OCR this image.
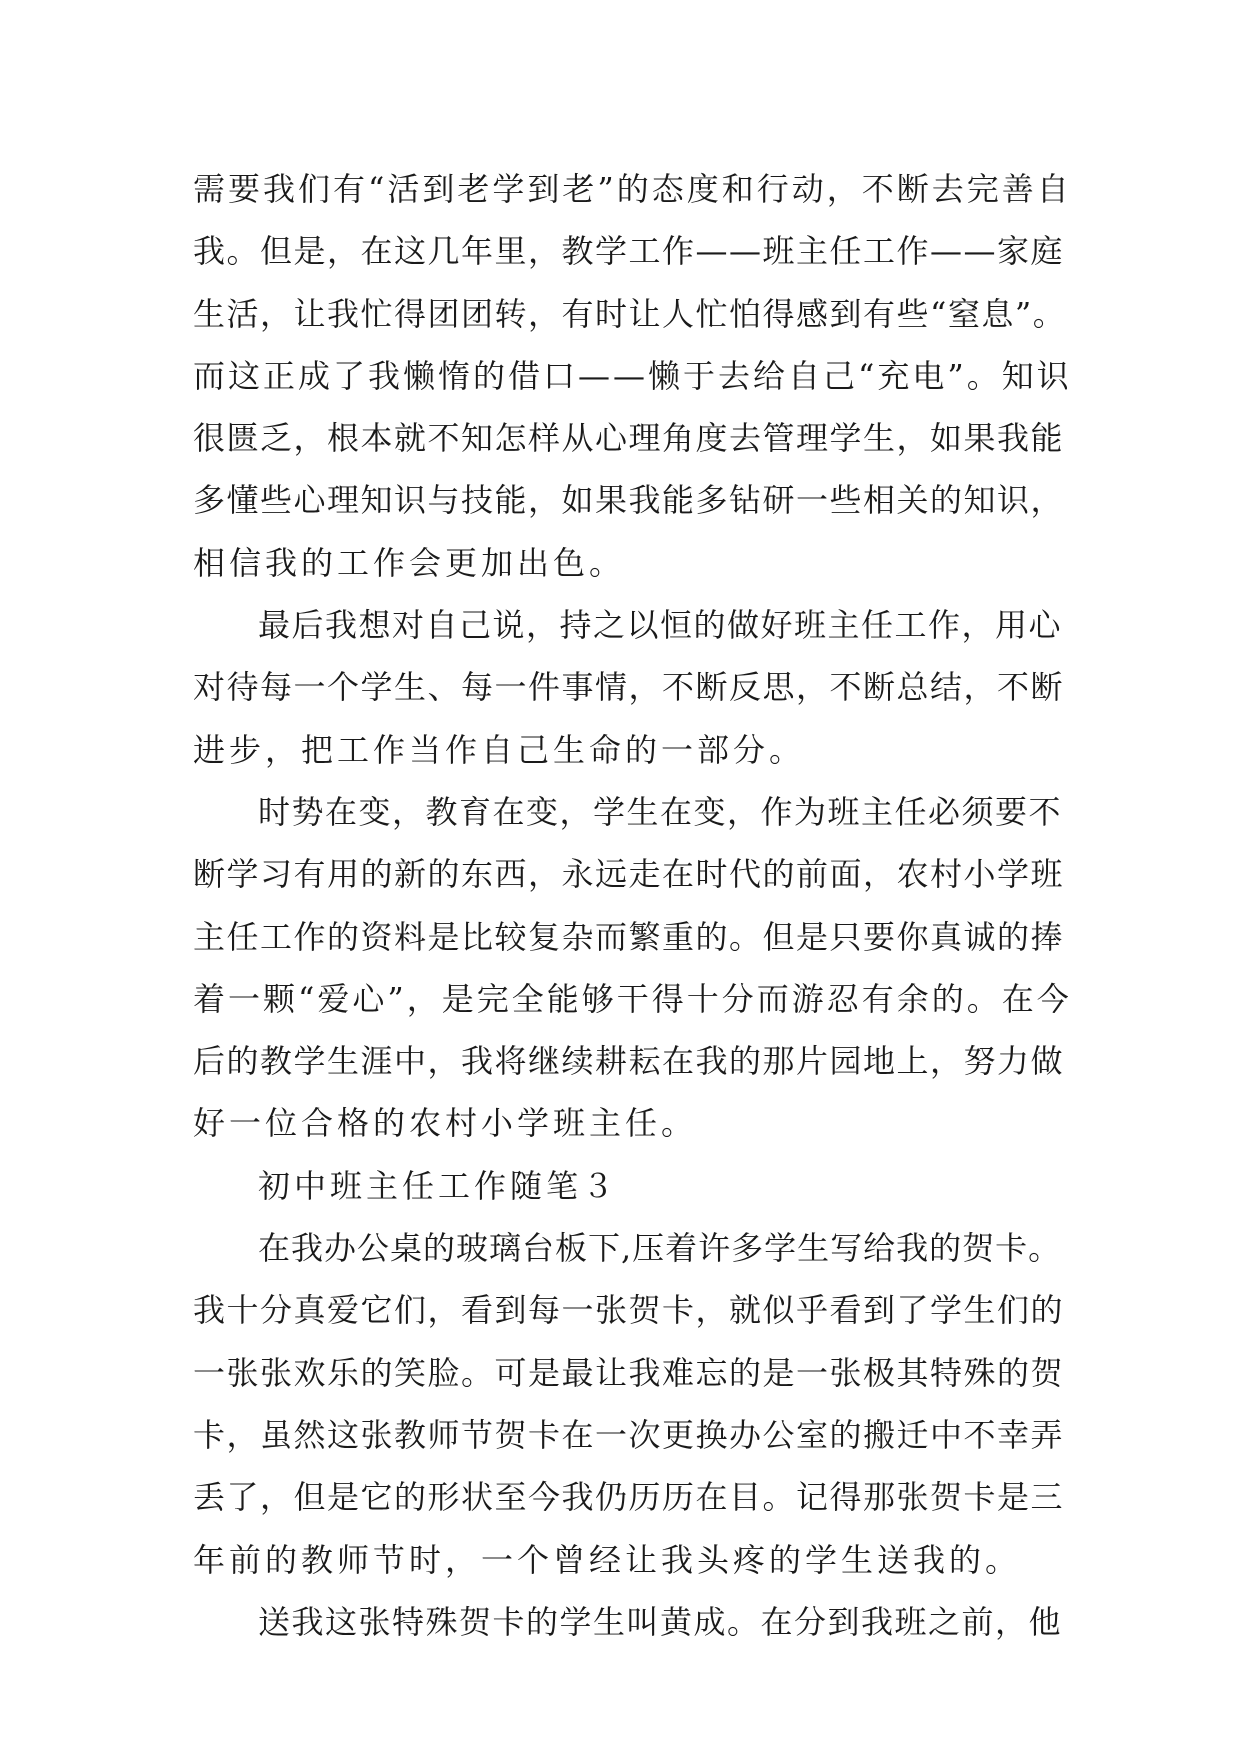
需要我们有“活到老学到老”的态度和行动，不断去完善自
我。但是，在这几年里，教学工作——班主任工作——家庭
生活，让我忙得团团转，有时让人忙怕得感到有些“窒息”。
而这正成了我懒惰的借口——懒于去给自己“充电”。知识
很匮乏，根本就不知怎样从心理角度去管理学生，如果我能
多懂些心理知识与技能，如果我能多钻研一些相关的知识，
相信我的工作会更加出色。
最后我想对自己说，持之以恒的做好班主任工作，用心
对待每一个学生、每一件事情，不断反思，不断总结，不断
进步，把工作当作自己生命的一部分。
时势在变，教育在变，学生在变，作为班主任必须要不
断学习有用的新的东西，永远走在时代的前面，农村小学班
主任工作的资料是比较复杂而繁重的。但是只要你真诚的捧
着一颗“爱心”，是完全能够干得十分而游忍有余的。在今
后的教学生涯中，我将继续耕耘在我的那片园地上，努力做
好一位合格的农村小学班主任。
初中班主任工作随笔３
在我办公桌的玻璃台板下,压着许多学生写给我的贺卡。
我十分真爱它们，看到每一张贺卡，就似乎看到了学生们的
一张张欢乐的笑脸。可是最让我难忘的是一张极其特殊的贺
卡，虽然这张教师节贺卡在一次更换办公室的搬迁中不幸弄
丢了，但是它的形状至今我仍历历在目。记得那张贺卡是三
年前的教师节时，一个曾经让我头疼的学生送我的。
送我这张特殊贺卡的学生叫黄成。在分到我班之前，他
